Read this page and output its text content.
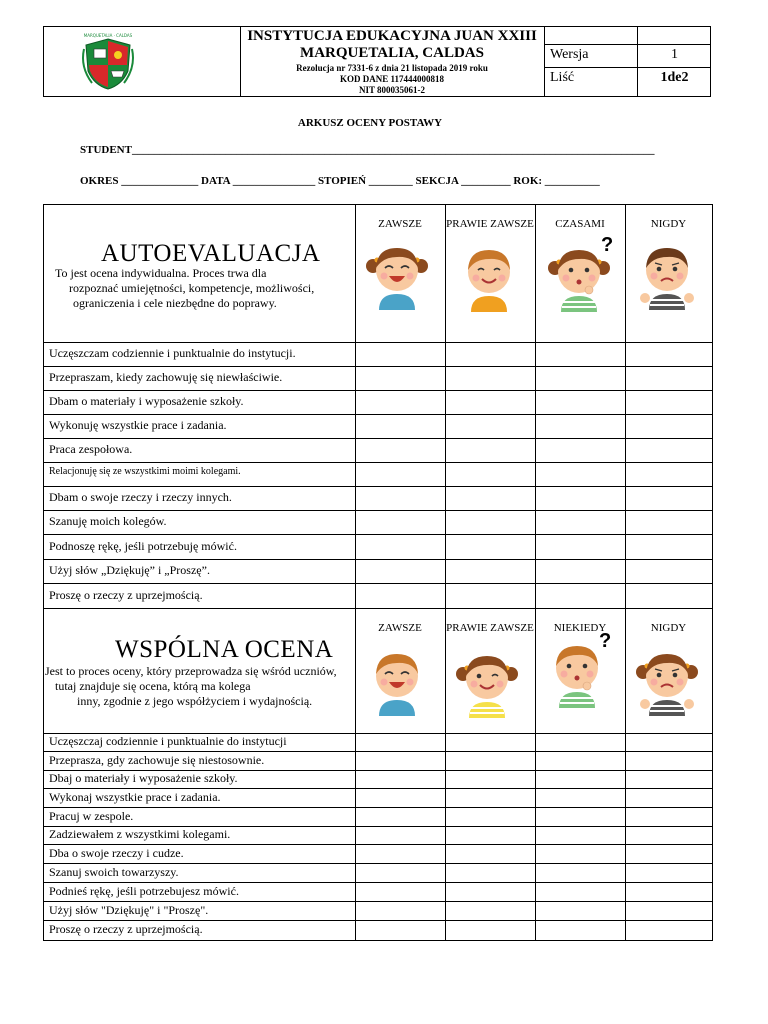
MARQUETALIA · CALDAS	INSTYTUCJA EDUKACYJNA JUAN XXIII
MARQUETALIA, CALDAS
Rezolucja nr 7331-6 z dnia 21 listopada 2019 roku
KOD DANE 117444000818
NIT 800035061-2
Wersja	1
Liść	1de2
ARKUSZ OCENY POSTAWY
STUDENT_______________________________________________________________________________________________
OKRES ______________ DATA _______________ STOPIEŃ ________ SEKCJA _________ ROK: __________
AUTOEVALUACJA
To jest ocena indywidualna. Proces trwa dla
rozpoznać umiejętności, kompetencje, możliwości,
ograniczenia i cele niezbędne do poprawy.
ZAWSZE	PRAWIE ZAWSZE	CZASAMI	NIGDY
WSPÓLNA OCENA
Jest to proces oceny, który przeprowadza się wśród uczniów,
tutaj znajduje się ocena, którą ma kolega
inny, zgodnie z jego współżyciem i wydajnością.
ZAWSZE	PRAWIE ZAWSZE	NIEKIEDY	NIGDY
Uczęszczam codziennie i punktualnie do instytucji.
Przepraszam, kiedy zachowuję się niewłaściwie.
Dbam o materiały i wyposażenie szkoły.
Wykonuję wszystkie prace i zadania.
Praca zespołowa.
Relacjonuję się ze wszystkimi moimi kolegami.
Dbam o swoje rzeczy i rzeczy innych.
Szanuję moich kolegów.
Podnoszę rękę, jeśli potrzebuję mówić.
Użyj słów „Dziękuję” i „Proszę”.
Proszę o rzeczy z uprzejmością.
Uczęszczaj codziennie i punktualnie do instytucji
Przeprasza, gdy zachowuje się niestosownie.
Dbaj o materiały i wyposażenie szkoły.
Wykonaj wszystkie prace i zadania.
Pracuj w zespole.
Zadziewałem z wszystkimi kolegami.
Dba o swoje rzeczy i cudze.
Szanuj swoich towarzyszy.
Podnieś rękę, jeśli potrzebujesz mówić.
Użyj słów "Dziękuję" i "Proszę".
Proszę o rzeczy z uprzejmością.
?
?
